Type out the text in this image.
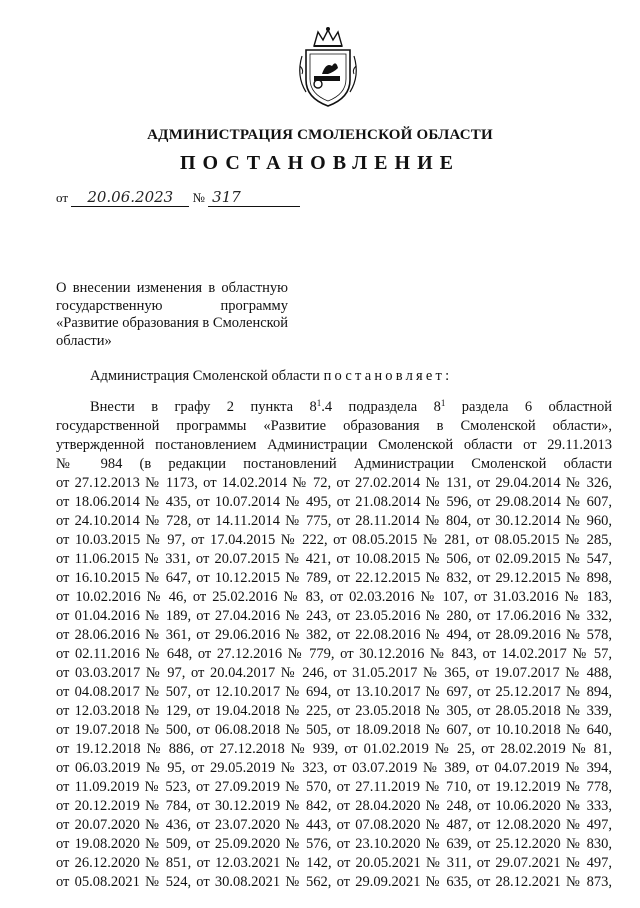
АДМИНИСТРАЦИЯ СМОЛЕНСКОЙ ОБЛАСТИ
ПОСТАНОВЛЕНИЕ
от 20.06.2023 № 317
О внесении изменения в областную государственную программу «Развитие образования в Смоленской области»
Администрация Смоленской области постановляет:
Внести в графу 2 пункта $8^1.4$ подраздела $8^1$ раздела 6 областной
государственной программы «Развитие образования в Смоленской области»,
утвержденной постановлением Администрации Смоленской области от 29.11.2013
№ 984 (в редакции постановлений Администрации Смоленской области
от 27.12.2013 № 1173, от 14.02.2014 № 72, от 27.02.2014 № 131, от 29.04.2014 № 326,
от 18.06.2014 № 435, от 10.07.2014 № 495, от 21.08.2014 № 596, от 29.08.2014 № 607,
от 24.10.2014 № 728, от 14.11.2014 № 775, от 28.11.2014 № 804, от 30.12.2014 № 960,
от 10.03.2015 № 97, от 17.04.2015 № 222, от 08.05.2015 № 281, от 08.05.2015 № 285,
от 11.06.2015 № 331, от 20.07.2015 № 421, от 10.08.2015 № 506, от 02.09.2015 № 547,
от 16.10.2015 № 647, от 10.12.2015 № 789, от 22.12.2015 № 832, от 29.12.2015 № 898,
от 10.02.2016 № 46, от 25.02.2016 № 83, от 02.03.2016 № 107, от 31.03.2016 № 183,
от 01.04.2016 № 189, от 27.04.2016 № 243, от 23.05.2016 № 280, от 17.06.2016 № 332,
от 28.06.2016 № 361, от 29.06.2016 № 382, от 22.08.2016 № 494, от 28.09.2016 № 578,
от 02.11.2016 № 648, от 27.12.2016 № 779, от 30.12.2016 № 843, от 14.02.2017 № 57,
от 03.03.2017 № 97, от 20.04.2017 № 246, от 31.05.2017 № 365, от 19.07.2017 № 488,
от 04.08.2017 № 507, от 12.10.2017 № 694, от 13.10.2017 № 697, от 25.12.2017 № 894,
от 12.03.2018 № 129, от 19.04.2018 № 225, от 23.05.2018 № 305, от 28.05.2018 № 339,
от 19.07.2018 № 500, от 06.08.2018 № 505, от 18.09.2018 № 607, от 10.10.2018 № 640,
от 19.12.2018 № 886, от 27.12.2018 № 939, от 01.02.2019 № 25, от 28.02.2019 № 81,
от 06.03.2019 № 95, от 29.05.2019 № 323, от 03.07.2019 № 389, от 04.07.2019 № 394,
от 11.09.2019 № 523, от 27.09.2019 № 570, от 27.11.2019 № 710, от 19.12.2019 № 778,
от 20.12.2019 № 784, от 30.12.2019 № 842, от 28.04.2020 № 248, от 10.06.2020 № 333,
от 20.07.2020 № 436, от 23.07.2020 № 443, от 07.08.2020 № 487, от 12.08.2020 № 497,
от 19.08.2020 № 509, от 25.09.2020 № 576, от 23.10.2020 № 639, от 25.12.2020 № 830,
от 26.12.2020 № 851, от 12.03.2021 № 142, от 20.05.2021 № 311, от 29.07.2021 № 497,
от 05.08.2021 № 524, от 30.08.2021 № 562, от 29.09.2021 № 635, от 28.12.2021 № 873,
